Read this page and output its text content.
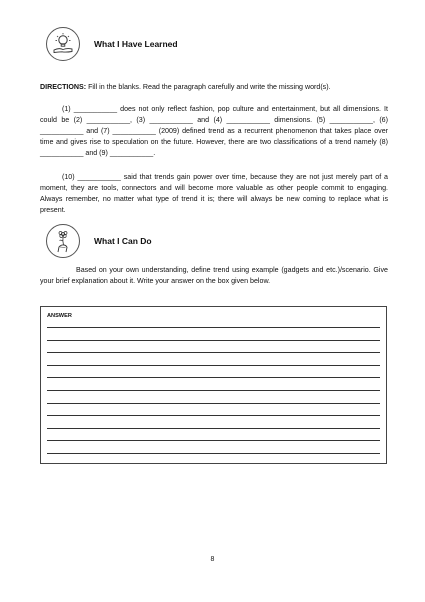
What I Have Learned

DIRECTIONS: Fill in the blanks. Read the paragraph carefully and write the missing word(s).

(1) ___________ does not only reflect fashion, pop culture and entertainment, but all dimensions. It could be (2) ___________, (3) ___________ and (4) ___________ dimensions. (5) ___________, (6) ___________ and (7) ___________ (2009) defined trend as a recurrent phenomenon that takes place over time and gives rise to speculation on the future. However, there are two classifications of a trend namely (8) ___________ and (9) ___________.

(10) ___________ said that trends gain power over time, because they are not just merely part of a moment, they are tools, connectors and will become more valuable as other people commit to engaging. Always remember, no matter what type of trend it is; there will always be new coming to replace what is present.

What I Can Do

Based on your own understanding, define trend using example (gadgets and etc.)/scenario. Give your brief explanation about it. Write your answer on the box given below.

ANSWER
8
